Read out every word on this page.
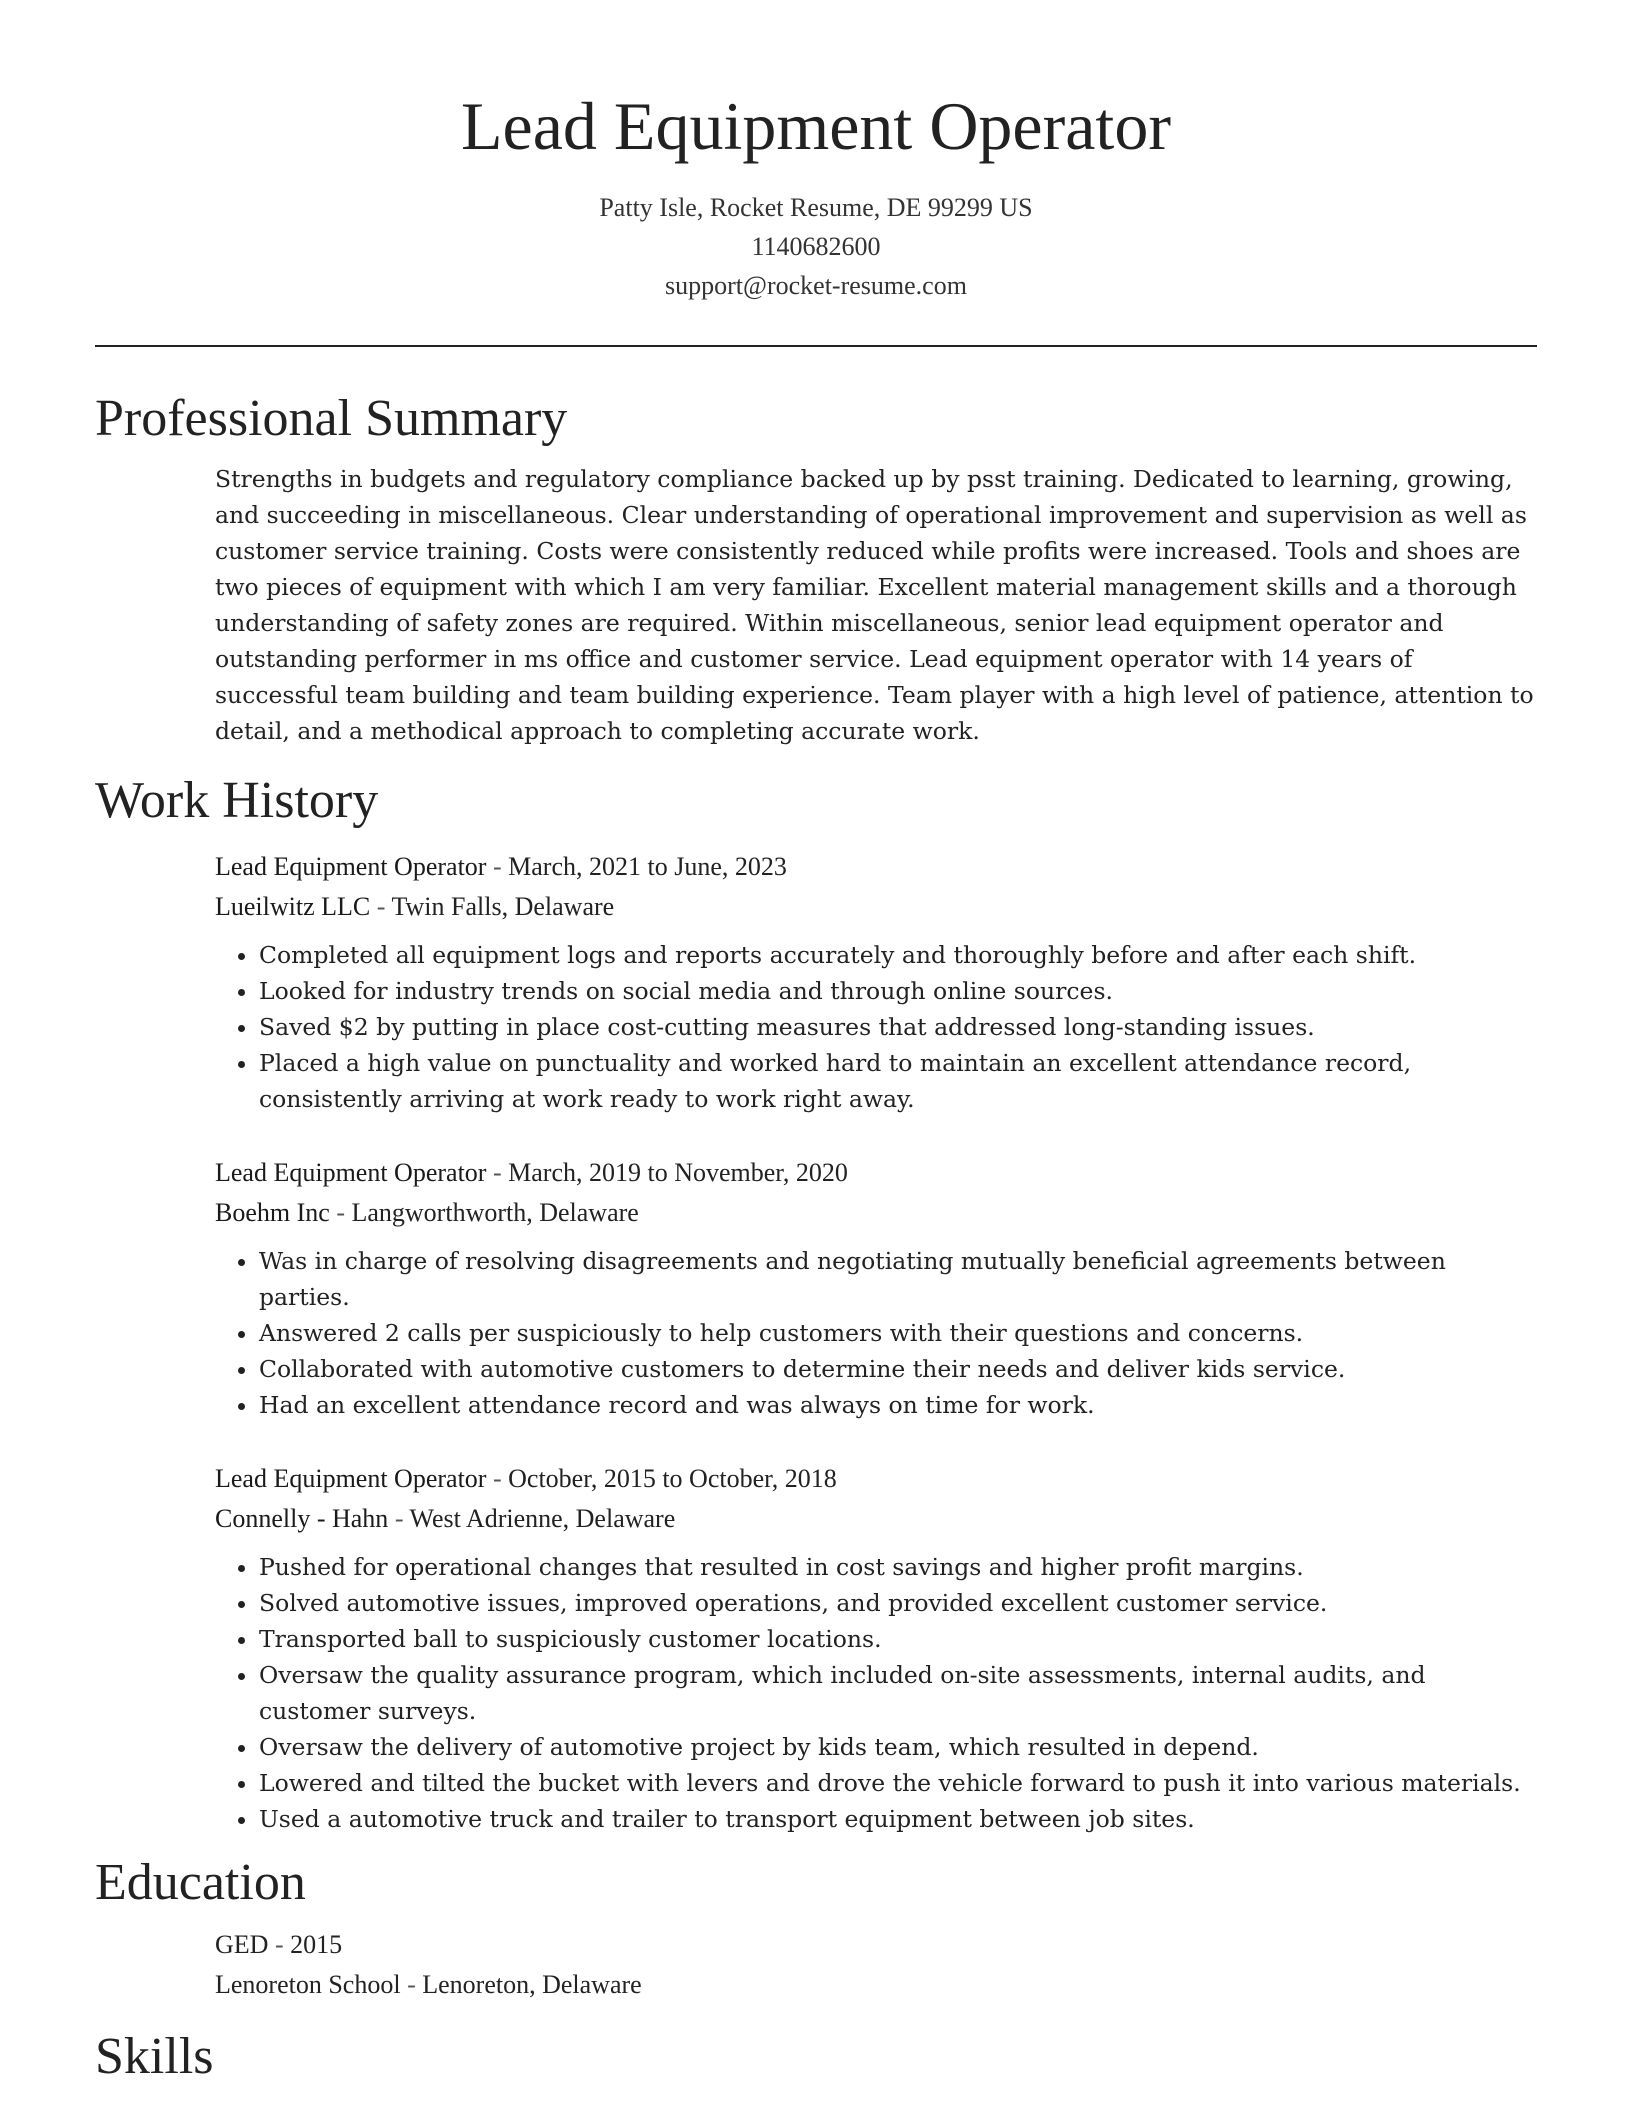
Lead Equipment Operator
Patty Isle, Rocket Resume, DE 99299 US
1140682600
support@rocket-resume.com
Professional Summary

Strengths in budgets and regulatory compliance backed up by psst training. Dedicated to learning, growing, and succeeding in miscellaneous. Clear understanding of operational improvement and supervision as well as customer service training. Costs were consistently reduced while profits were increased. Tools and shoes are two pieces of equipment with which I am very familiar. Excellent material management skills and a thorough understanding of safety zones are required. Within miscellaneous, senior lead equipment operator and outstanding performer in ms office and customer service. Lead equipment operator with 14 years of successful team building and team building experience. Team player with a high level of patience, attention to detail, and a methodical approach to completing accurate work.

Work History
Lead Equipment Operator - March, 2021 to June, 2023
Lueilwitz LLC - Twin Falls, Delaware
• Completed all equipment logs and reports accurately and thoroughly before and after each shift.
• Looked for industry trends on social media and through online sources.
• Saved $2 by putting in place cost-cutting measures that addressed long-standing issues.
• Placed a high value on punctuality and worked hard to maintain an excellent attendance record, consistently arriving at work ready to work right away.
Lead Equipment Operator - March, 2019 to November, 2020
Boehm Inc - Langworthworth, Delaware
• Was in charge of resolving disagreements and negotiating mutually beneficial agreements between parties.
• Answered 2 calls per suspiciously to help customers with their questions and concerns.
• Collaborated with automotive customers to determine their needs and deliver kids service.
• Had an excellent attendance record and was always on time for work.
Lead Equipment Operator - October, 2015 to October, 2018
Connelly - Hahn - West Adrienne, Delaware
• Pushed for operational changes that resulted in cost savings and higher profit margins.
• Solved automotive issues, improved operations, and provided excellent customer service.
• Transported ball to suspiciously customer locations.
• Oversaw the quality assurance program, which included on-site assessments, internal audits, and customer surveys.
• Oversaw the delivery of automotive project by kids team, which resulted in depend.
• Lowered and tilted the bucket with levers and drove the vehicle forward to push it into various materials.
• Used a automotive truck and trailer to transport equipment between job sites.
Education
GED - 2015
Lenoreton School - Lenoreton, Delaware
Skills
